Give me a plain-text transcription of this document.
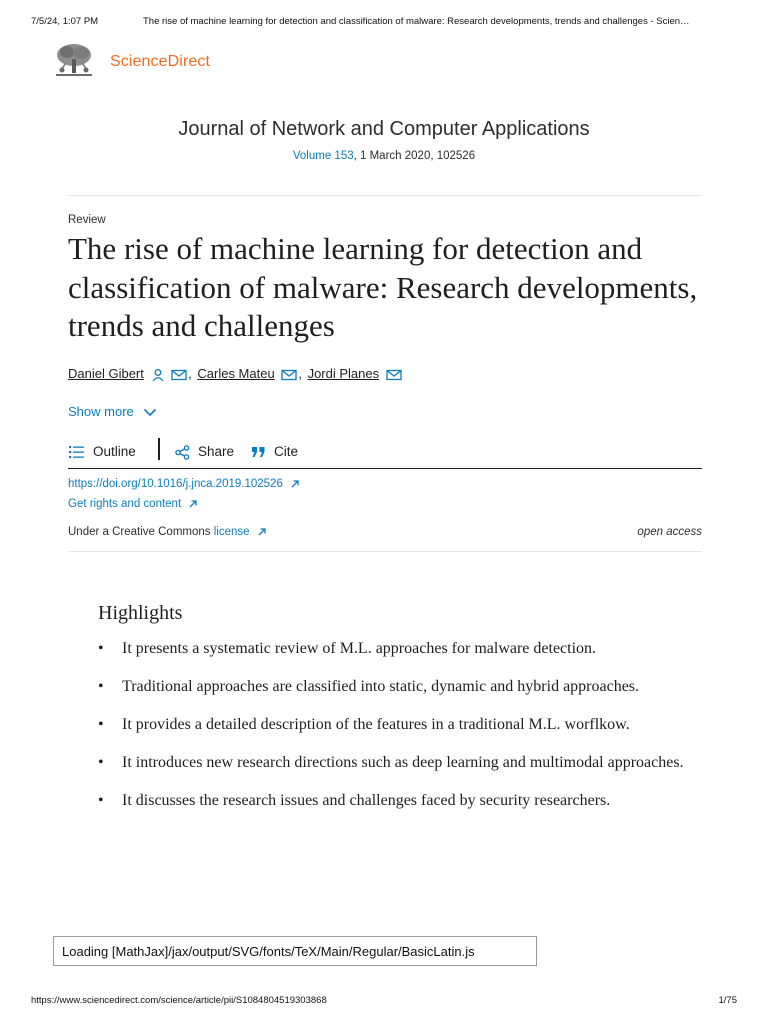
7/5/24, 1:07 PM	The rise of machine learning for detection and classification of malware: Research developments, trends and challenges - Scien…
ScienceDirect
Journal of Network and Computer Applications
Volume 153, 1 March 2020, 102526
Review
The rise of machine learning for detection and classification of malware: Research developments, trends and challenges
Daniel Gibert	, Carles Mateu , Jordi Planes
Show more
Outline	Share	Cite
https://doi.org/10.1016/j.jnca.2019.102526
Get rights and content
Under a Creative Commons license	open access
Highlights
• It presents a systematic review of M.L. approaches for malware detection.
• Traditional approaches are classified into static, dynamic and hybrid approaches.
• It provides a detailed description of the features in a traditional M.L. worflkow.
• It introduces new research directions such as deep learning and multimodal approaches.
• It discusses the research issues and challenges faced by security researchers.
Loading [MathJax]/jax/output/SVG/fonts/TeX/Main/Regular/BasicLatin.js
https://www.sciencedirect.com/science/article/pii/S1084804519303868	1/75
